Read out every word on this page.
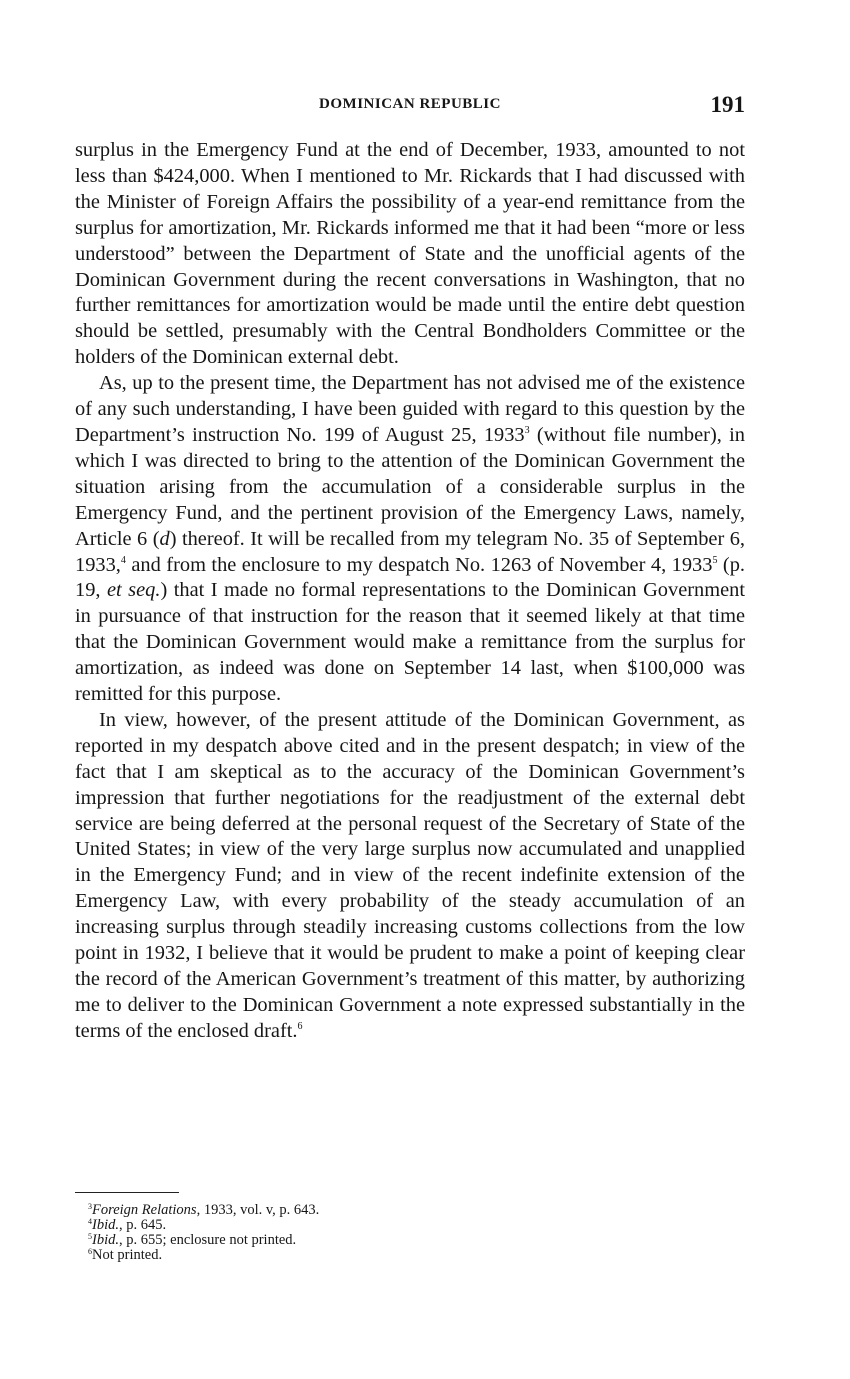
DOMINICAN REPUBLIC	191

surplus in the Emergency Fund at the end of December, 1933, amounted to not less than $424,000. When I mentioned to Mr. Rickards that I had discussed with the Minister of Foreign Affairs the possibility of a year-end remittance from the surplus for amortization, Mr. Rickards informed me that it had been “more or less understood” between the Department of State and the unofficial agents of the Dominican Government during the recent conversations in Washington, that no further remittances for amortization would be made until the entire debt question should be settled, presumably with the Central Bondholders Committee or the holders of the Dominican external debt.

As, up to the present time, the Department has not advised me of the existence of any such understanding, I have been guided with regard to this question by the Department’s instruction No. 199 of August 25, 1933$^3$ (without file number), in which I was directed to bring to the attention of the Dominican Government the situation arising from the accumulation of a considerable surplus in the Emergency Fund, and the pertinent provision of the Emergency Laws, namely, Article 6 (d) thereof. It will be recalled from my telegram No. 35 of September 6, 1933,$^4$ and from the enclosure to my despatch No. 1263 of November 4, 1933$^5$ (p. 19, et seq.) that I made no formal representations to the Dominican Government in pursuance of that instruction for the reason that it seemed likely at that time that the Dominican Government would make a remittance from the surplus for amortization, as indeed was done on September 14 last, when $100,000 was remitted for this purpose.

In view, however, of the present attitude of the Dominican Government, as reported in my despatch above cited and in the present despatch; in view of the fact that I am skeptical as to the accuracy of the Dominican Government’s impression that further negotiations for the readjustment of the external debt service are being deferred at the personal request of the Secretary of State of the United States; in view of the very large surplus now accumulated and unapplied in the Emergency Fund; and in view of the recent indefinite extension of the Emergency Law, with every probability of the steady accumulation of an increasing surplus through steadily increasing customs collections from the low point in 1932, I believe that it would be prudent to make a point of keeping clear the record of the American Government’s treatment of this matter, by authorizing me to deliver to the Dominican Government a note expressed substantially in the terms of the enclosed draft.$^6$

$^3$Foreign Relations, 1933, vol. v, p. 643.

$^4$Ibid., p. 645.

$^5$Ibid., p. 655; enclosure not printed.

$^6$Not printed.
